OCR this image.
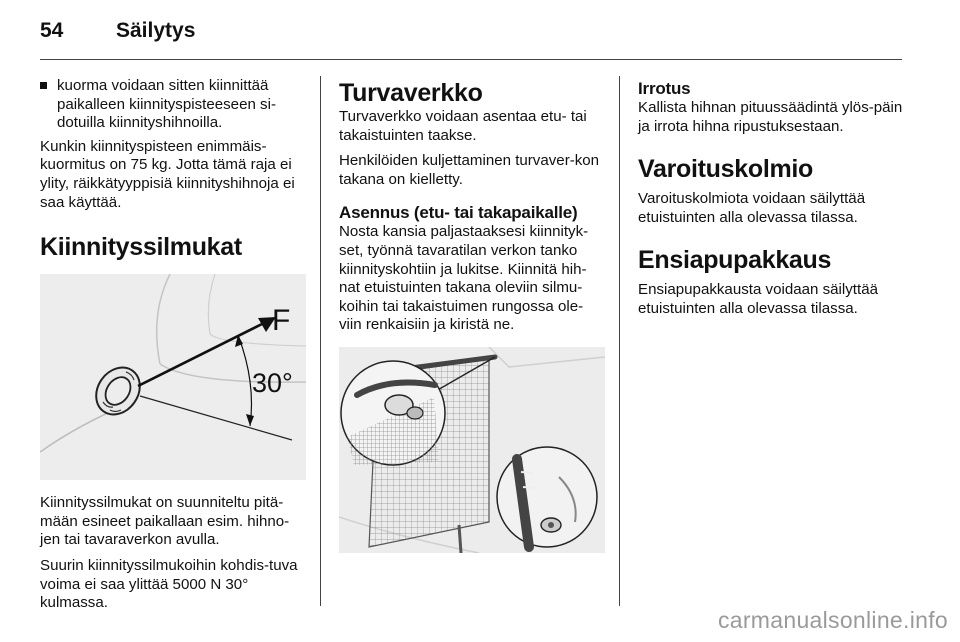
54	Säilytys
kuorma voidaan sitten kiinnittää paikalleen kiinnityspisteeseen si-dotuilla kiinnityshihnoilla.

Kunkin kiinnityspisteen enimmäis-kuormitus on 75 kg. Jotta tämä raja ei ylity, räikkätyyppisiä kiinnityshihnoja ei saa käyttää.

Kiinnityssilmukat
F
30°

Kiinnityssilmukat on suunniteltu pitä-mään esineet paikallaan esim. hihno-jen tai tavaraverkon avulla.

Suurin kiinnityssilmukoihin kohdis-tuva voima ei saa ylittää 5000 N 30° kulmassa.

Turvaverkko

Turvaverkko voidaan asentaa etu- tai takaistuinten taakse.

Henkilöiden kuljettaminen turvaver-kon takana on kielletty.

Asennus (etu- tai takapaikalle)

Nosta kansia paljastaaksesi kiinnityk-set, työnnä tavaratilan verkon tanko kiinnityskohtiin ja lukitse. Kiinnitä hih-nat etuistuinten takana oleviin silmu-koihin tai takaistuimen rungossa ole-viin renkaisiin ja kiristä ne.

Irrotus

Kallista hihnan pituussäädintä ylös-päin ja irrota hihna ripustuksestaan.

Varoituskolmio

Varoituskolmiota voidaan säilyttää etuistuinten alla olevassa tilassa.

Ensiapupakkaus

Ensiapupakkausta voidaan säilyttää etuistuinten alla olevassa tilassa.

carmanualsonline.info
